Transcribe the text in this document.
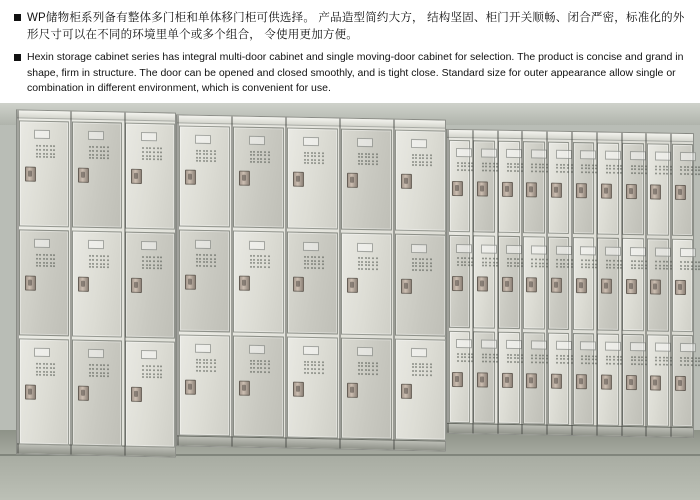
WP储物柜系列备有整体多门柜和单体移门柜可供选择。 产品造型简约大方， 结构坚固、柜门开关顺畅、闭合严密，标准化的外形尺寸可以在不同的环境里单个或多个组合， 令使用更加方便。
Hexin storage cabinet series has integral multi-door cabinet and single moving-door cabinet for selection. The product is concise and grand in shape, firm in structure. The door can be opened and closed smoothly, and is tight close. Standard size for outer appearance allow single or combination in different environment, which is convenient for use.
